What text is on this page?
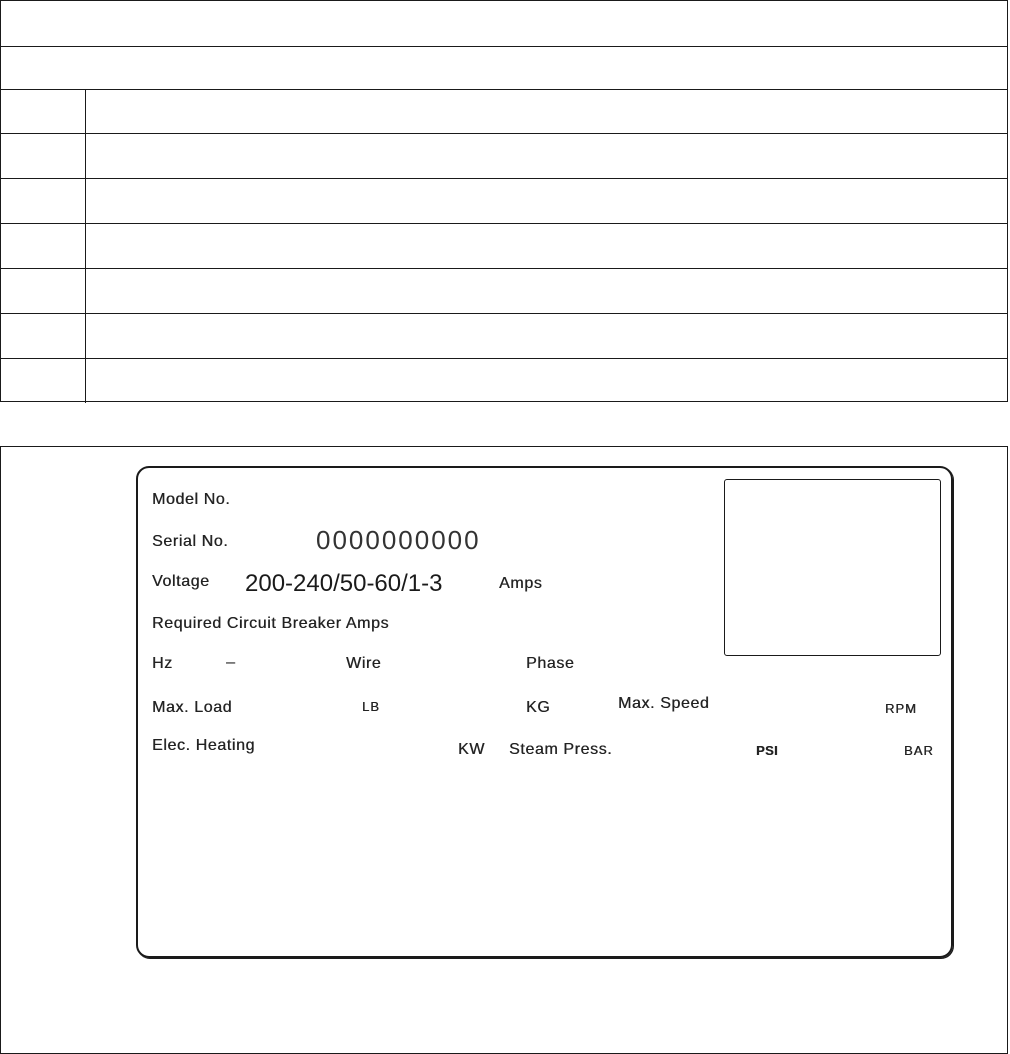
Model No.
Serial No.	0000000000
Voltage 200-240/50-60/1-3	Amps
Required Circuit Breaker Amps
Hz	–	Wire	Phase
Max. Load	LB	KG	Max. Speed	RPM
Elec. Heating	KW Steam Press.	PSI	BAR
